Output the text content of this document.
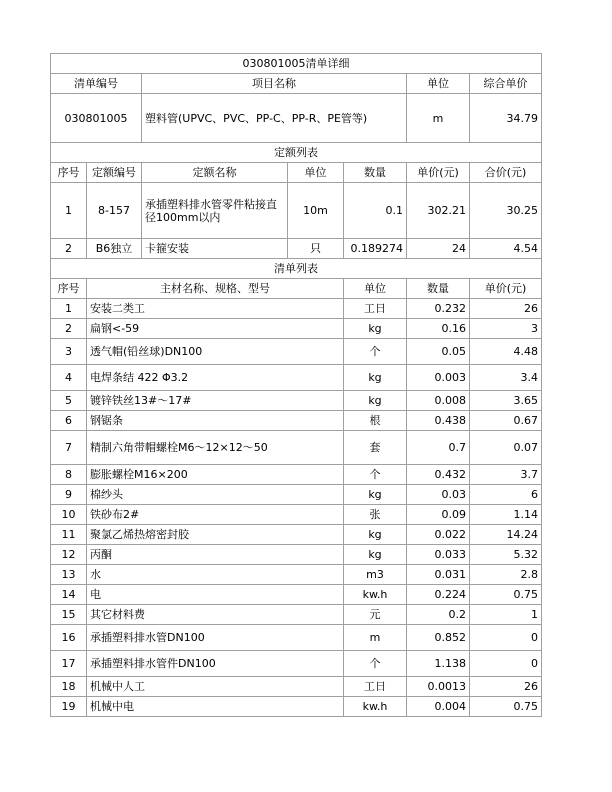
030801005清单详细							
清单编号		项目名称			单位	综合单价	
030801005		塑料管(UPVC、PVC、PP-C、PP-R、PE管等)			m	34.79	
定额列表							
序号	定额编号	定额名称	单位	数量	单价(元)	合价(元)	
1	8-157	承插塑料排水管零件粘接直径100mm以内	10m	0.1	302.21	30.25	
2	B6独立	卡箍安装	只	0.189274	24	4.54	
清单列表							
序号	主材名称、规格、型号			单位	数量	单价(元)	
1	安装二类工			工日	0.232	26	
2	扁钢<-59			kg	0.16	3	
3	透气帽(铅丝球)DN100			个	0.05	4.48	
4	电焊条结 422 Φ3.2			kg	0.003	3.4	
5	镀锌铁丝13#～17#			kg	0.008	3.65	
6	钢锯条			根	0.438	0.67	
7	精制六角带帽螺栓M6～12×12～50			套	0.7	0.07	
8	膨胀螺栓M16×200			个	0.432	3.7	
9	棉纱头			kg	0.03	6	
10	铁砂布2#			张	0.09	1.14	
11	聚氯乙烯热熔密封胶			kg	0.022	14.24	
12	丙酮			kg	0.033	5.32	
13	水			m3	0.031	2.8	
14	电			kw.h	0.224	0.75	
15	其它材料费			元	0.2	1	
16	承插塑料排水管DN100			m	0.852	0	
17	承插塑料排水管件DN100			个	1.138	0	
18	机械中人工			工日	0.0013	26	
19	机械中电			kw.h	0.004	0.75	
